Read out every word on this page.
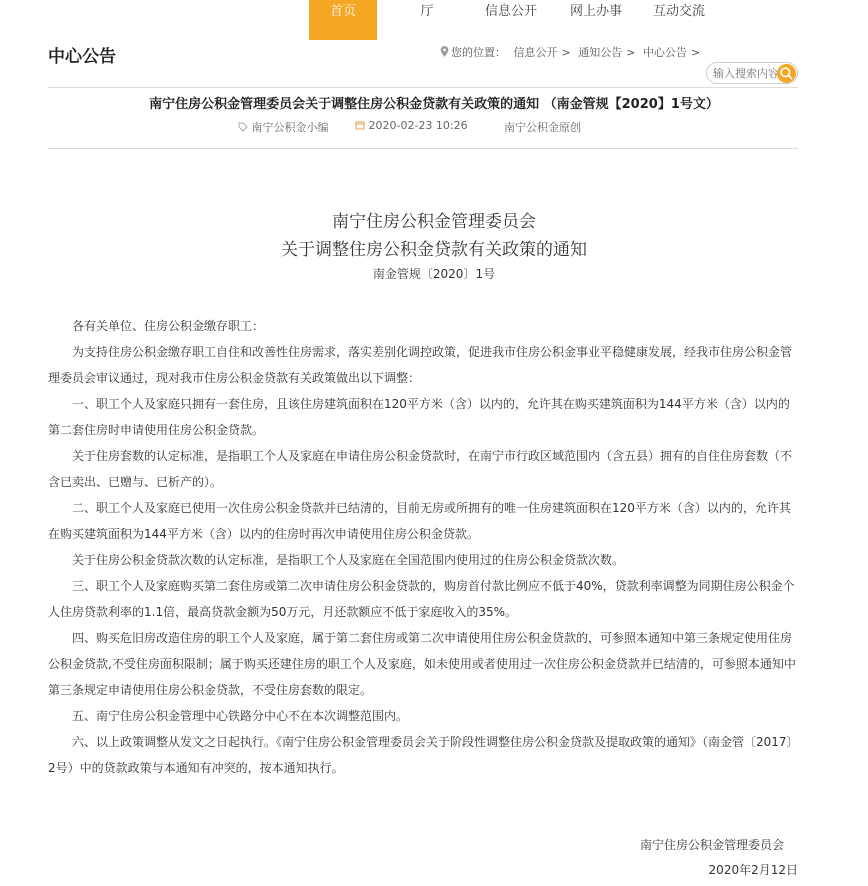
首页	厅	信息公开	网上办事	互动交流
中心公告	您的位置： 信息公开 > 通知公告 > 中心公告 >
输入搜索内容
南宁住房公积金管理委员会关于调整住房公积金贷款有关政策的通知 （南金管规【2020】1号文）
南宁公积金小编	2020-02-23 10:26	南宁公积金原创
南宁住房公积金管理委员会
关于调整住房公积金贷款有关政策的通知
南金管规〔2020〕1号

各有关单位、住房公积金缴存职工：

为支持住房公积金缴存职工自住和改善性住房需求，落实差别化调控政策，促进我市住房公积金事业平稳健康发展，经我市住房公积金管理委员会审议通过，现对我市住房公积金贷款有关政策做出以下调整：

一、职工个人及家庭只拥有一套住房，且该住房建筑面积在120平方米（含）以内的，允许其在购买建筑面积为144平方米（含）以内的第二套住房时申请使用住房公积金贷款。

关于住房套数的认定标准，是指职工个人及家庭在申请住房公积金贷款时，在南宁市行政区域范围内（含五县）拥有的自住住房套数（不含已卖出、已赠与、已析产的）。

二、职工个人及家庭已使用一次住房公积金贷款并已结清的，目前无房或所拥有的唯一住房建筑面积在120平方米（含）以内的，允许其在购买建筑面积为144平方米（含）以内的住房时再次申请使用住房公积金贷款。

关于住房公积金贷款次数的认定标准，是指职工个人及家庭在全国范围内使用过的住房公积金贷款次数。

三、职工个人及家庭购买第二套住房或第二次申请住房公积金贷款的，购房首付款比例应不低于40%，贷款利率调整为同期住房公积金个人住房贷款利率的1.1倍，最高贷款金额为50万元，月还款额应不低于家庭收入的35%。

四、购买危旧房改造住房的职工个人及家庭，属于第二套住房或第二次申请使用住房公积金贷款的，可参照本通知中第三条规定使用住房公积金贷款,不受住房面积限制；属于购买还建住房的职工个人及家庭，如未使用或者使用过一次住房公积金贷款并已结清的，可参照本通知中第三条规定申请使用住房公积金贷款，不受住房套数的限定。

五、南宁住房公积金管理中心铁路分中心不在本次调整范围内。

六、以上政策调整从发文之日起执行。《南宁住房公积金管理委员会关于阶段性调整住房公积金贷款及提取政策的通知》（南金管〔2017〕2号）中的贷款政策与本通知有冲突的，按本通知执行。

南宁住房公积金管理委员会
2020年2月12日
